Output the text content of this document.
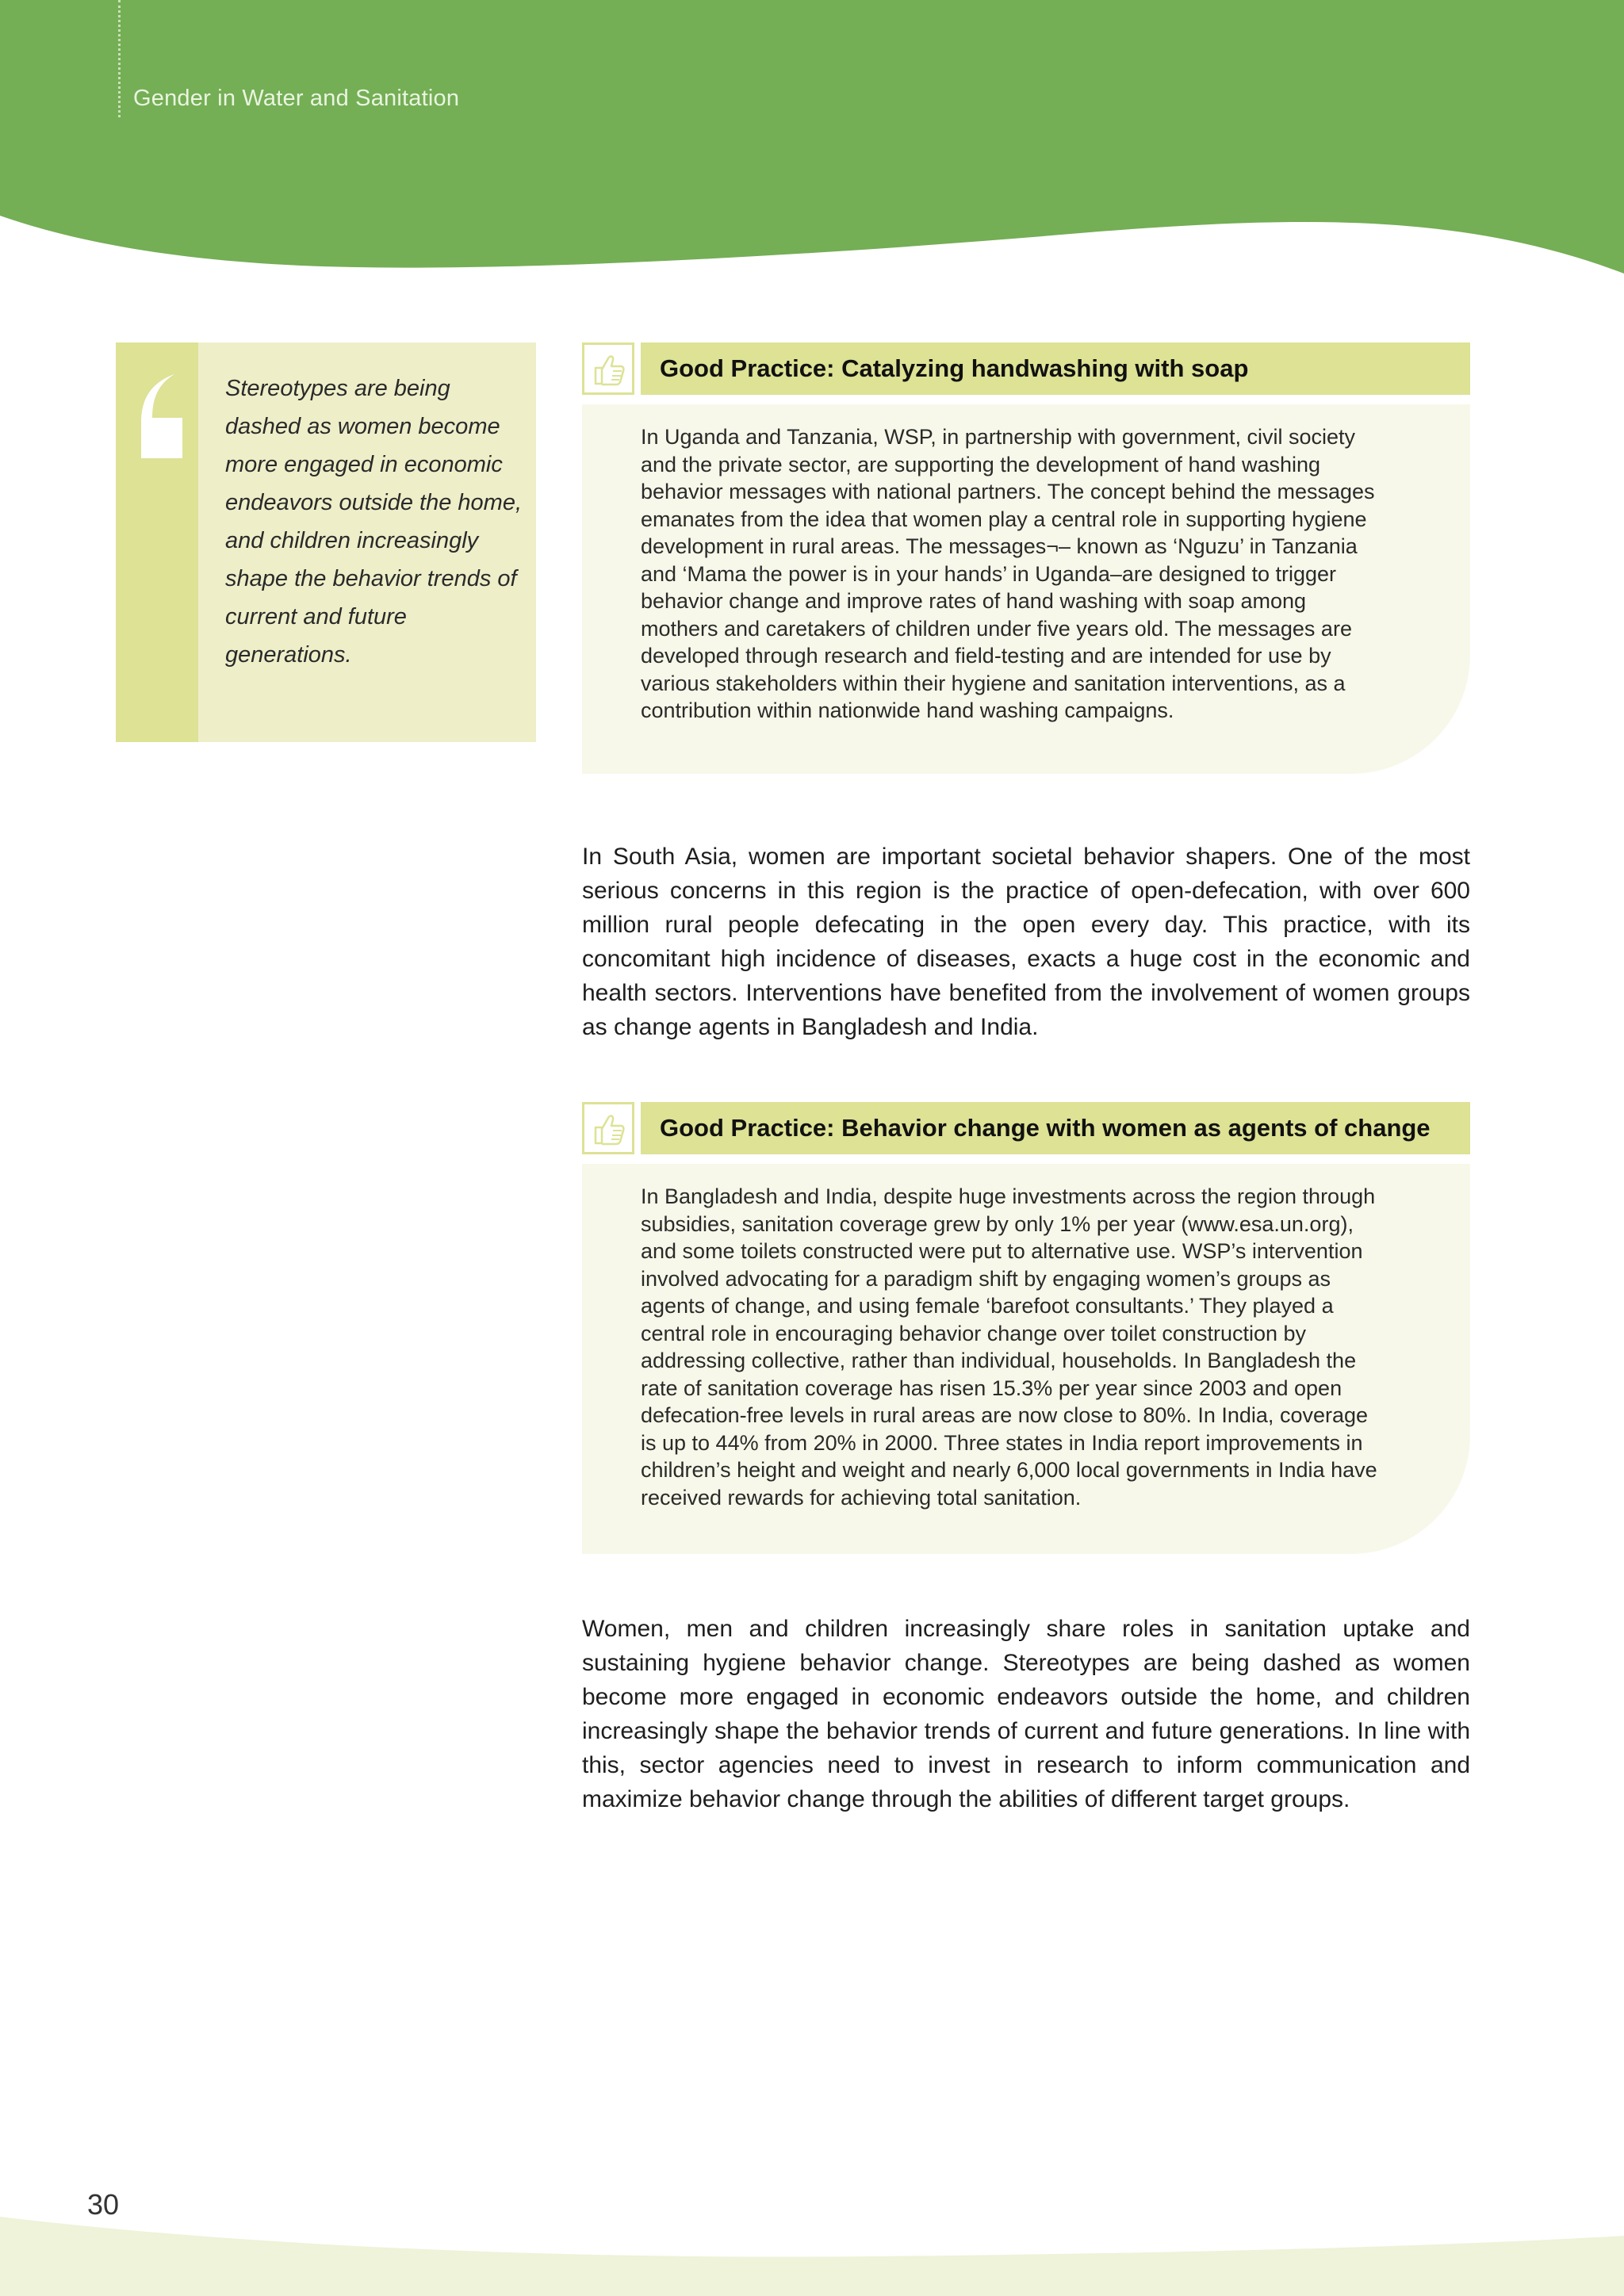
Gender in Water and Sanitation

Stereotypes are being dashed as women become more engaged in economic endeavors outside the home, and children increasingly shape the behavior trends of current and future generations.

Good Practice: Catalyzing handwashing with soap

In Uganda and Tanzania, WSP, in partnership with government, civil society and the private sector, are supporting the development of hand washing behavior messages with national partners. The concept behind the messages emanates from the idea that women play a central role in supporting hygiene development in rural areas. The messages¬– known as ‘Nguzu’ in Tanzania and ‘Mama the power is in your hands’ in Uganda–are designed to trigger behavior change and improve rates of hand washing with soap among mothers and caretakers of children under five years old. The messages are developed through research and field-testing and are intended for use by various stakeholders within their hygiene and sanitation interventions, as a contribution within nationwide hand washing campaigns.

In South Asia, women are important societal behavior shapers. One of the most serious concerns in this region is the practice of open-defecation, with over 600 million rural people defecating in the open every day. This practice, with its concomitant high incidence of diseases, exacts a huge cost in the economic and health sectors. Interventions have benefited from the involvement of women groups as change agents in Bangladesh and India.

Good Practice: Behavior change with women as agents of change

In Bangladesh and India, despite huge investments across the region through subsidies, sanitation coverage grew by only 1% per year (www.esa.un.org), and some toilets constructed were put to alternative use. WSP’s intervention involved advocating for a paradigm shift by engaging women’s groups as agents of change, and using female ‘barefoot consultants.’ They played a central role in encouraging behavior change over toilet construction by addressing collective, rather than individual, households. In Bangladesh the rate of sanitation coverage has risen 15.3% per year since 2003 and open defecation-free levels in rural areas are now close to 80%. In India, coverage is up to 44% from 20% in 2000. Three states in India report improvements in children’s height and weight and nearly 6,000 local governments in India have received rewards for achieving total sanitation.

Women, men and children increasingly share roles in sanitation uptake and sustaining hygiene behavior change. Stereotypes are being dashed as women become more engaged in economic endeavors outside the home, and children increasingly shape the behavior trends of current and future generations. In line with this, sector agencies need to invest in research to inform communication and maximize behavior change through the abilities of different target groups.

30
